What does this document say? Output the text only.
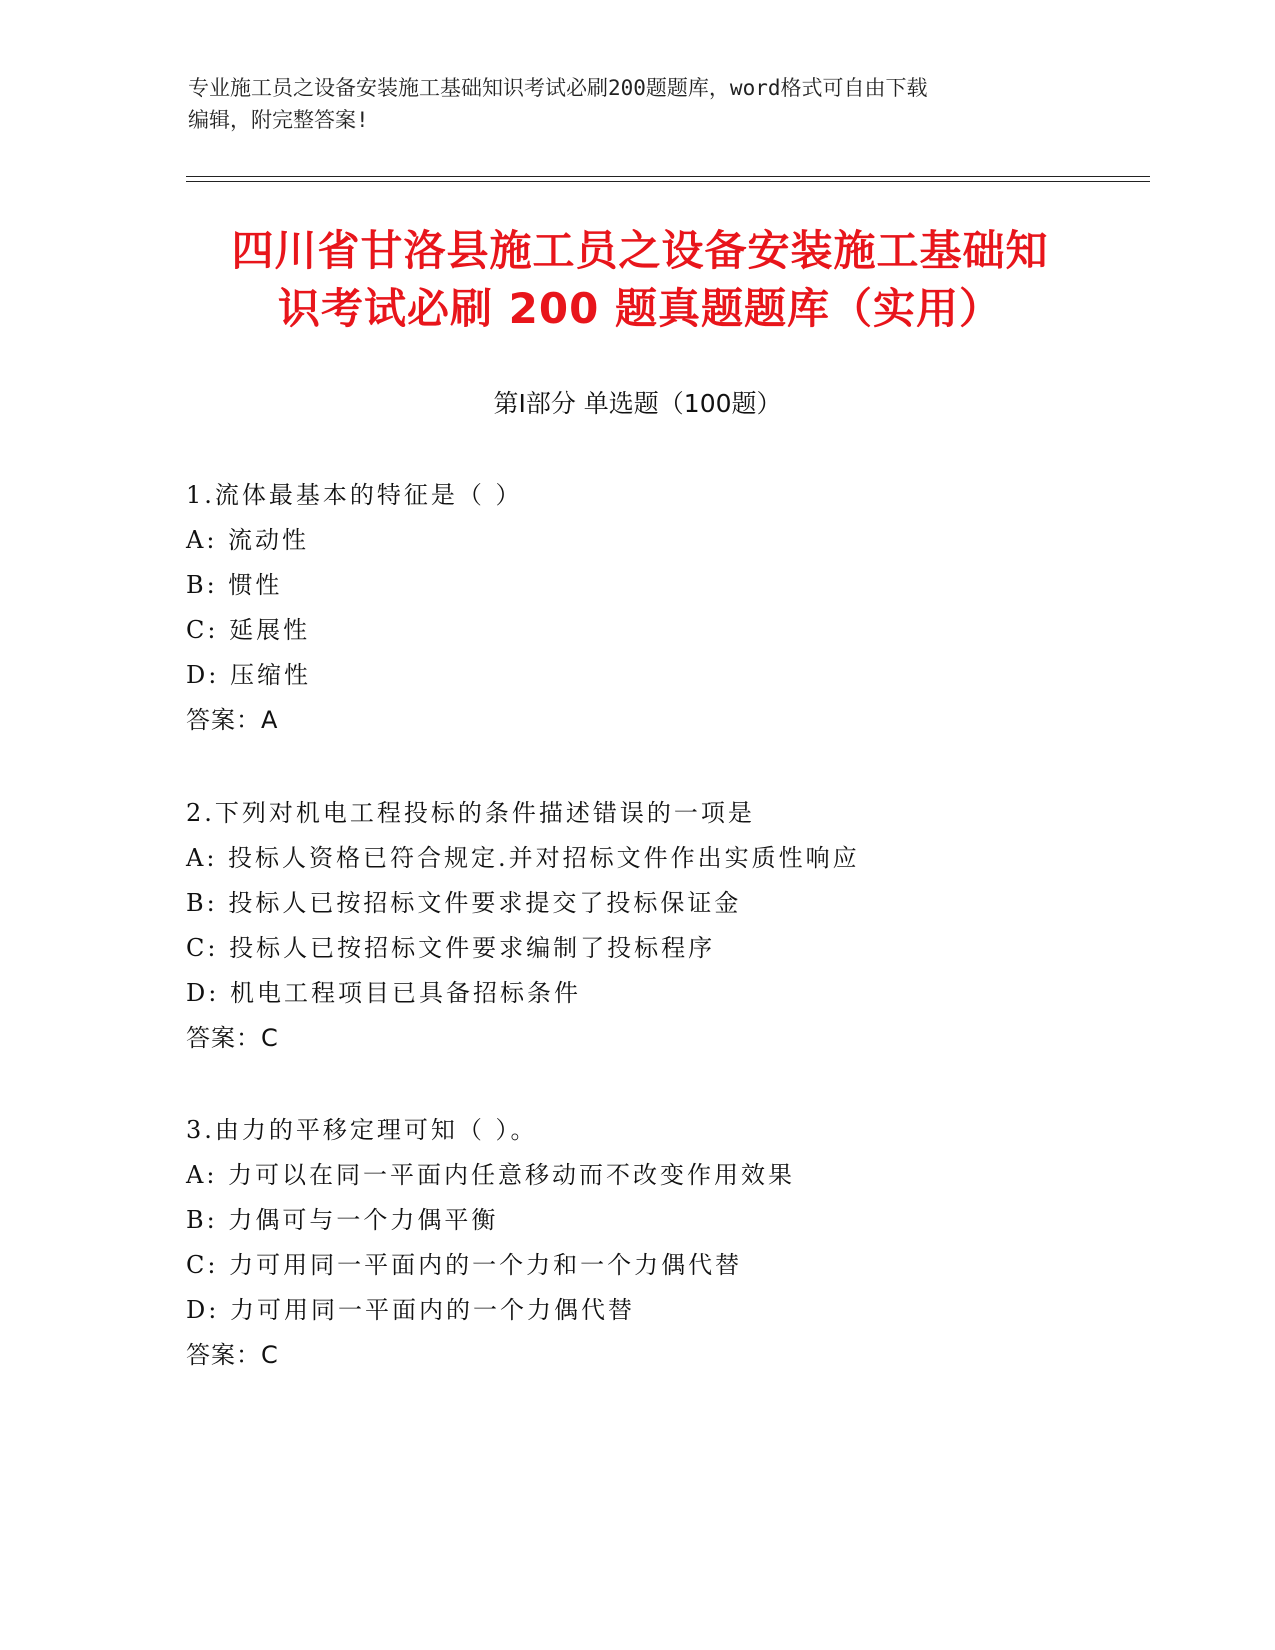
专业施工员之设备安装施工基础知识考试必刷200题题库，word格式可自由下载
编辑，附完整答案!
四川省甘洛县施工员之设备安装施工基础知
识考试必刷 200 题真题题库（实用）
第Ⅰ部分 单选题（100题）
1.流体最基本的特征是（ ）
A: 流动性
B: 惯性
C: 延展性
D: 压缩性
答案：A
2.下列对机电工程投标的条件描述错误的一项是
A: 投标人资格已符合规定.并对招标文件作出实质性响应
B: 投标人已按招标文件要求提交了投标保证金
C: 投标人已按招标文件要求编制了投标程序
D: 机电工程项目已具备招标条件
答案：C
3.由力的平移定理可知（ ）。
A: 力可以在同一平面内任意移动而不改变作用效果
B: 力偶可与一个力偶平衡
C: 力可用同一平面内的一个力和一个力偶代替
D: 力可用同一平面内的一个力偶代替
答案：C
